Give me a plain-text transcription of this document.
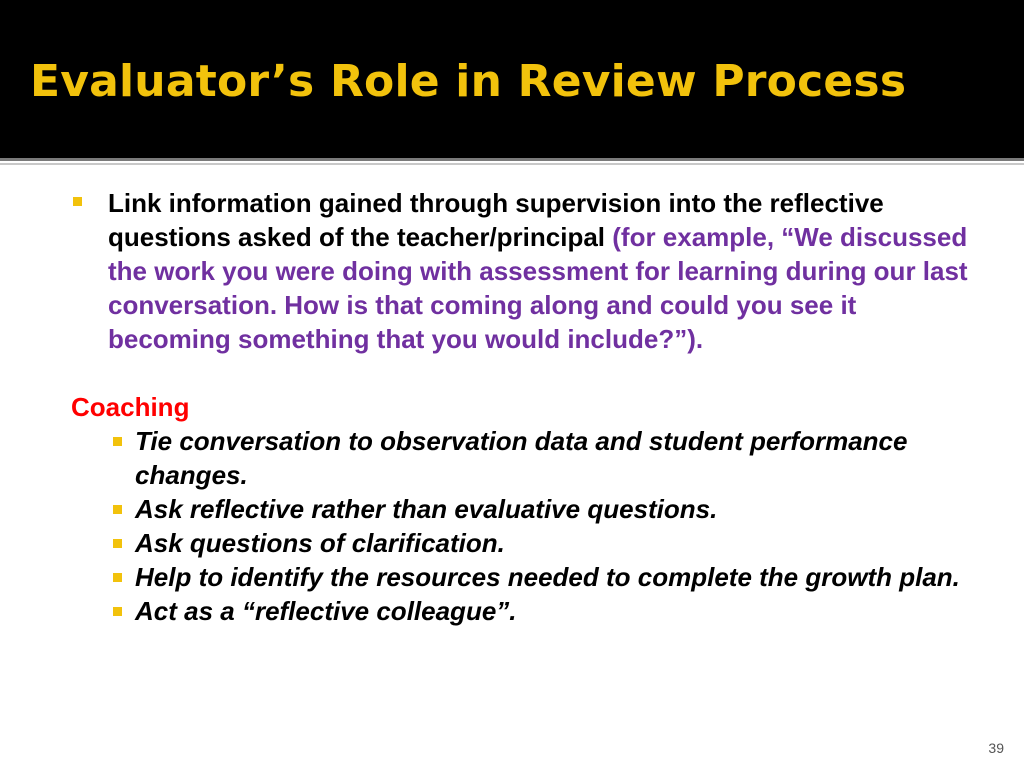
Evaluator’s Role in Review Process
Link information gained through supervision into the reflective questions asked of the teacher/principal (for example, “We discussed the work you were doing with assessment for learning during our last conversation. How is that coming along and could you see it becoming something that you would include?”).
Coaching
Tie conversation to observation data and student performance changes.
Ask reflective rather than evaluative questions.
Ask questions of clarification.
Help to identify the resources needed to complete the growth plan.
Act as a “reflective colleague”.
39
